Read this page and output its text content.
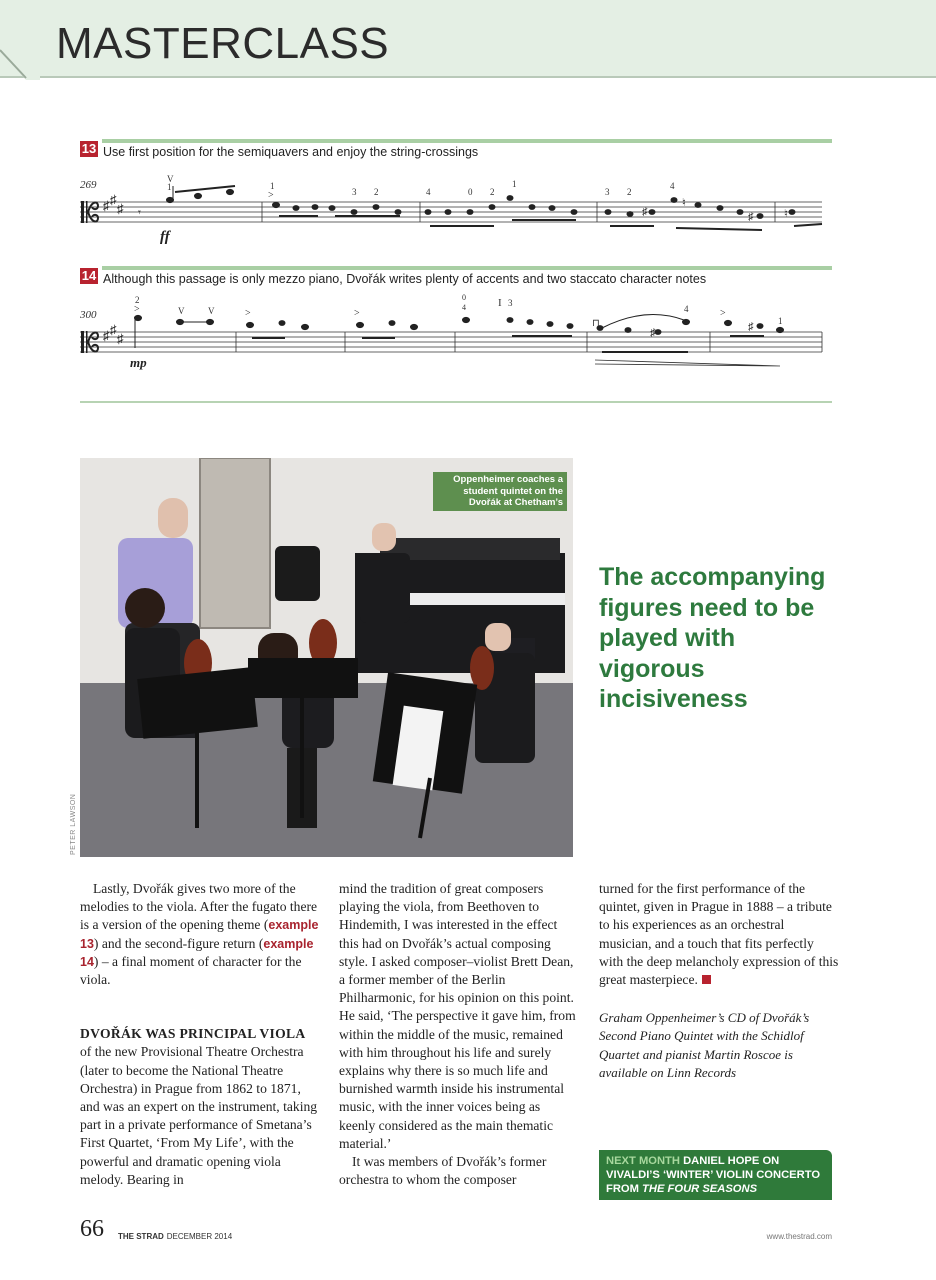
MASTERCLASS
13 Use first position for the semiquavers and enjoy the string-crossings
♯ ♯
♯
269
ff
𝄾
V
1	1
>	3 2	4	0 2
1
3 2
4
♯
♮
♯	♮
14 Although this passage is only mezzo piano, Dvořák writes plenty of accents and two staccato character notes
♯ ♯
♯
300
mp
V	V
2
>	>	>
0
4	I 3
4	>
1
⊓
♯	♯
Oppenheimer coaches a student quintet on the Dvořák at Chetham’s
PETER LAWSON
The accompanying figures need to be played with vigorous incisiveness

Lastly, Dvořák gives two more of the melodies to the viola. After the fugato there is a version of the opening theme (example 13) and the second-figure return (example 14) – a final moment of character for the viola.

DVOŘÁK WAS PRINCIPAL VIOLA
of the new Provisional Theatre Orchestra (later to become the National Theatre Orchestra) in Prague from 1862 to 1871, and was an expert on the instrument, taking part in a private performance of Smetana’s First Quartet, ‘From My Life’, with the powerful and dramatic opening viola melody. Bearing in

mind the tradition of great composers playing the viola, from Beethoven to Hindemith, I was interested in the effect this had on Dvořák’s actual composing style. I asked composer–violist Brett Dean, a former member of the Berlin Philharmonic, for his opinion on this point. He said, ‘The perspective it gave him, from within the middle of the music, remained with him throughout his life and surely explains why there is so much life and burnished warmth inside his instrumental music, with the inner voices being as keenly considered as the main thematic material.’

It was members of Dvořák’s former orchestra to whom the composer

turned for the first performance of the quintet, given in Prague in 1888 – a tribute to his experiences as an orchestral musician, and a touch that fits perfectly with the deep melancholy expression of this great masterpiece.

Graham Oppenheimer’s CD of Dvořák’s Second Piano Quintet with the Schidlof Quartet and pianist Martin Roscoe is available on Linn Records

NEXT MONTH DANIEL HOPE ON VIVALDI’S ‘WINTER’ VIOLIN CONCERTO FROM THE FOUR SEASONS
66 THE STRAD DECEMBER 2014	www.thestrad.com
